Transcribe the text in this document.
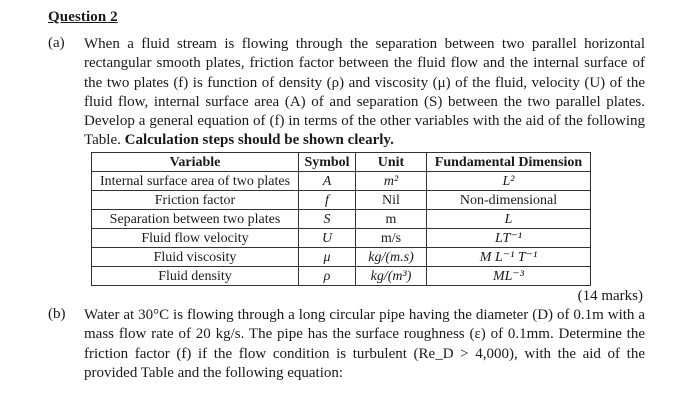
Question 2
(a) When a fluid stream is flowing through the separation between two parallel horizontal rectangular smooth plates, friction factor between the fluid flow and the internal surface of the two plates (f) is function of density (ρ) and viscosity (μ) of the fluid, velocity (U) of the fluid flow, internal surface area (A) of and separation (S) between the two parallel plates. Develop a general equation of (f) in terms of the other variables with the aid of the following Table. Calculation steps should be shown clearly.
Variable	Symbol	Unit	Fundamental Dimension
Internal surface area of two plates	A	m²	L²
Friction factor	f	Nil	Non-dimensional
Separation between two plates	S	m	L
Fluid flow velocity	U	m/s	LT⁻¹
Fluid viscosity	μ	kg/(m.s)	M L⁻¹ T⁻¹
Fluid density	ρ	kg/(m³)	ML⁻³
(14 marks)
(b) Water at 30°C is flowing through a long circular pipe having the diameter (D) of 0.1m with a mass flow rate of 20 kg/s. The pipe has the surface roughness (ε) of 0.1mm. Determine the friction factor (f) if the flow condition is turbulent (Re_D > 4,000), with the aid of the provided Table and the following equation:
